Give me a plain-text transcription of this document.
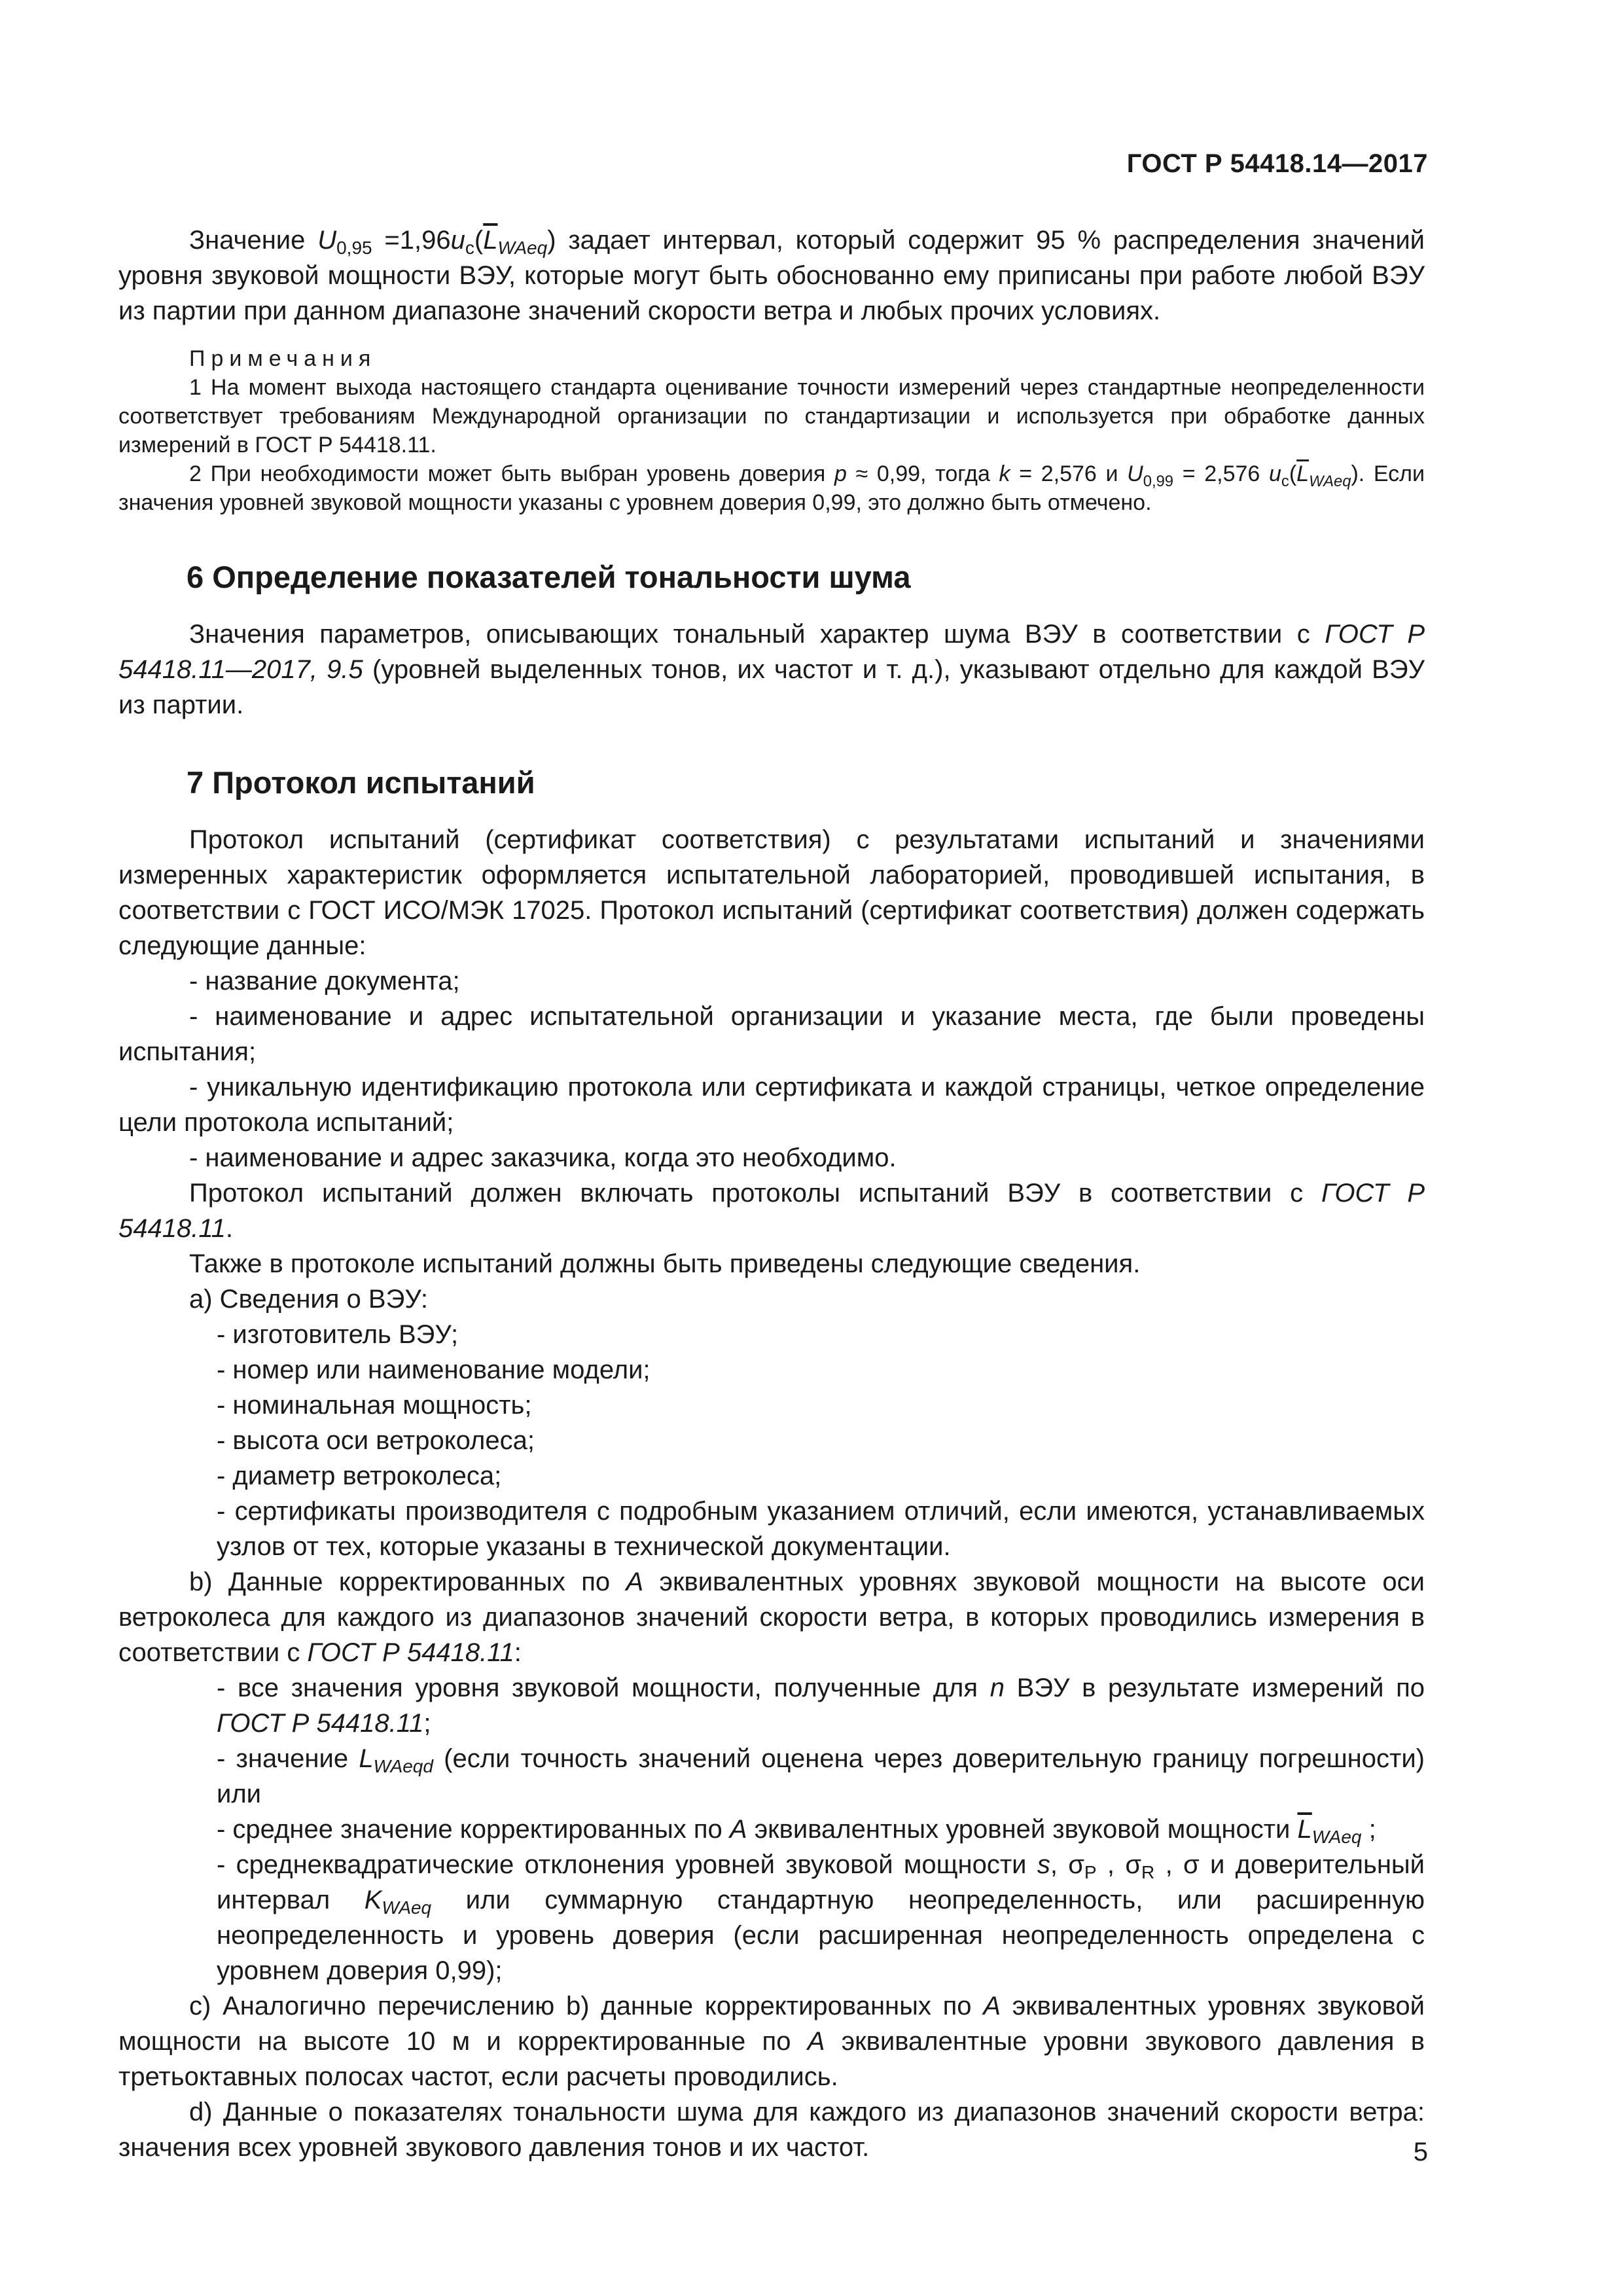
ГОСТ Р 54418.14—2017

Значение $U_{0,95} =1,96u_c(\overline{L}_{WAeq})$ задает интервал, который содержит 95 % распределения значений уровня звуковой мощности ВЭУ, которые могут быть обоснованно ему приписаны при работе любой ВЭУ из партии при данном диапазоне значений скорости ветра и любых прочих условиях.

Примечания

1 На момент выхода настоящего стандарта оценивание точности измерений через стандартные неопределенности соответствует требованиям Международной организации по стандартизации и используется при обработке данных измерений в ГОСТ Р 54418.11.

2 При необходимости может быть выбран уровень доверия p ≈ 0,99, тогда k = 2,576 и $U_{0,99} = 2,576$ $u_c(\overline{L}_{WAeq})$. Если значения уровней звуковой мощности указаны с уровнем доверия 0,99, это должно быть отмечено.

6 Определение показателей тональности шума

Значения параметров, описывающих тональный характер шума ВЭУ в соответствии с ГОСТ Р 54418.11—2017, 9.5 (уровней выделенных тонов, их частот и т. д.), указывают отдельно для каждой ВЭУ из партии.

7 Протокол испытаний

Протокол испытаний (сертификат соответствия) с результатами испытаний и значениями измеренных характеристик оформляется испытательной лабораторией, проводившей испытания, в соответствии с ГОСТ ИСО/МЭК 17025. Протокол испытаний (сертификат соответствия) должен содержать следующие данные:

- название документа;

- наименование и адрес испытательной организации и указание места, где были проведены испытания;

- уникальную идентификацию протокола или сертификата и каждой страницы, четкое определение цели протокола испытаний;

- наименование и адрес заказчика, когда это необходимо.

Протокол испытаний должен включать протоколы испытаний ВЭУ в соответствии с ГОСТ Р 54418.11.

Также в протоколе испытаний должны быть приведены следующие сведения.

а) Сведения о ВЭУ:

- изготовитель ВЭУ;

- номер или наименование модели;

- номинальная мощность;

- высота оси ветроколеса;

- диаметр ветроколеса;

- сертификаты производителя с подробным указанием отличий, если имеются, устанавливаемых узлов от тех, которые указаны в технической документации.

b) Данные корректированных по А эквивалентных уровнях звуковой мощности на высоте оси ветроколеса для каждого из диапазонов значений скорости ветра, в которых проводились измерения в соответствии с ГОСТ Р 54418.11:

- все значения уровня звуковой мощности, полученные для n ВЭУ в результате измерений по ГОСТ Р 54418.11;

- значение $L_{WAeqd}$ (если точность значений оценена через доверительную границу погрешности) или

- среднее значение корректированных по А эквивалентных уровней звуковой мощности $\overline{L}_{WAeq}$ ;

- среднеквадратические отклонения уровней звуковой мощности s, $\sigma_P$ , $\sigma_R$ , σ и доверительный интервал $K_{WAeq}$ или суммарную стандартную неопределенность, или расширенную неопределенность и уровень доверия (если расширенная неопределенность определена с уровнем доверия 0,99);

с) Аналогично перечислению b) данные корректированных по А эквивалентных уровнях звуковой мощности на высоте 10 м и корректированные по А эквивалентные уровни звукового давления в третьоктавных полосах частот, если расчеты проводились.

d) Данные о показателях тональности шума для каждого из диапазонов значений скорости ветра: значения всех уровней звукового давления тонов и их частот.	5
